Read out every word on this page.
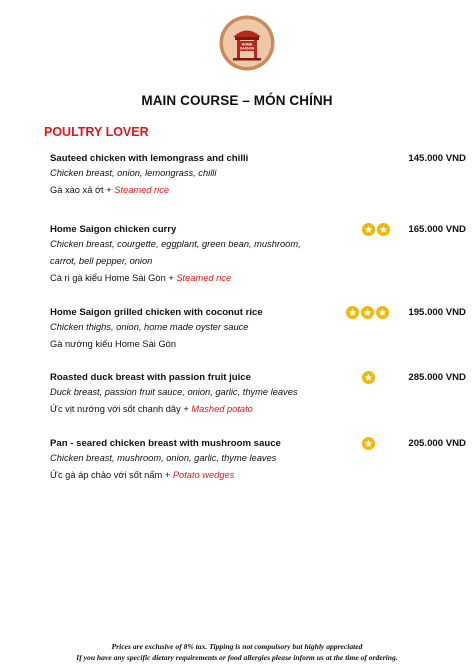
HOME
SAIGON
MAIN COURSE – MÓN CHÍNH
POULTRY LOVER
Sauteed chicken with lemongrass and chilli	145.000 VND
Chicken breast, onion, lemongrass, chilli
Gà xào xả ớt + Steamed rice
Home Saigon chicken curry	165.000 VND
Chicken breast, courgette, eggplant, green bean, mushroom,
carrot, bell pepper, onion
Cà ri gà kiểu Home Sài Gòn + Steamed rice
Home Saigon grilled chicken with coconut rice	195.000 VND
Chicken thighs, onion, home made oyster sauce
Gà nướng kiểu Home Sài Gòn
Roasted duck breast with passion fruit juice	285.000 VND
Duck breast, passion fruit sauce, onion, garlic, thyme leaves
Ức vịt nướng với sốt chanh dây + Mashed potato
Pan - seared chicken breast with mushroom sauce	205.000 VND
Chicken breast, mushroom, onion, garlic, thyme leaves
Ức gà áp chảo với sốt nấm + Potato wedges
Prices are exclusive of 8% tax. Tipping is not compulsory but highly appreciated
If you have any specific dietary requirements or food allergies please inform us at the time of ordering.
